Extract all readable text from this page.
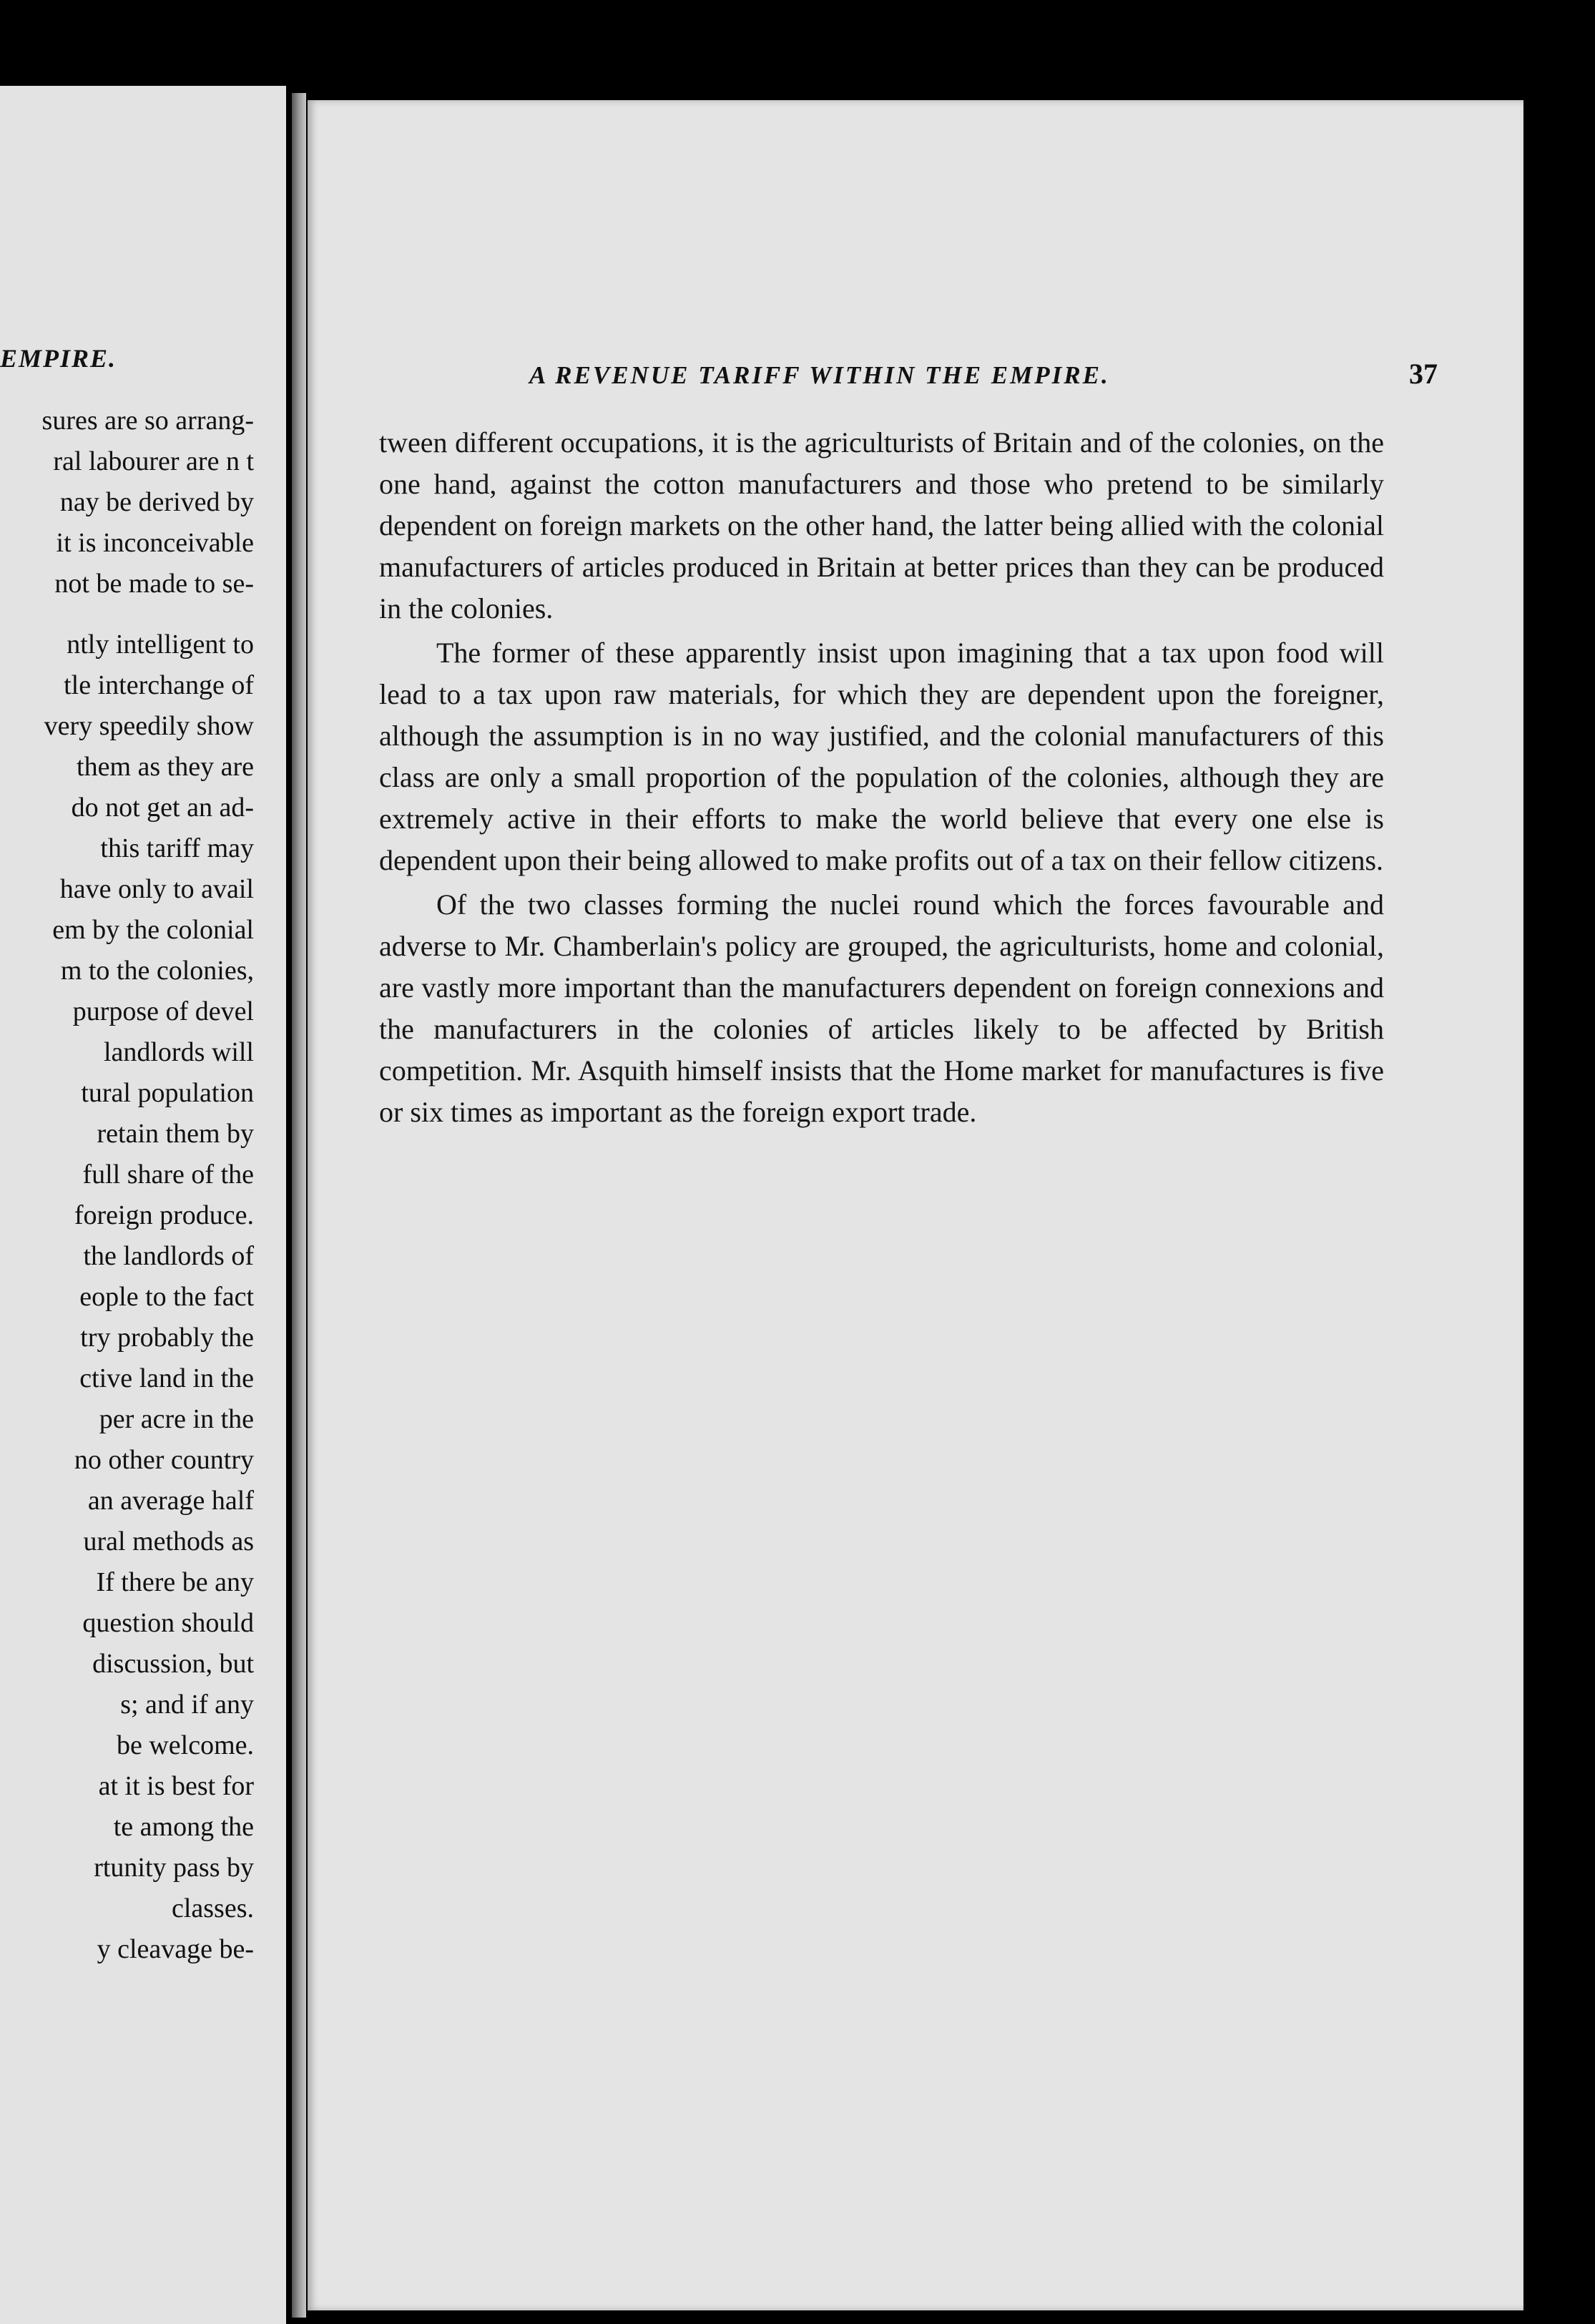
EMPIRE.
sures are so arrang-
ral labourer are n t
nay be derived by
it is inconceivable
not be made to se-
ntly intelligent to
tle interchange of
very speedily show
them as they are
do not get an ad-
this tariff may
have only to avail
em by the colonial
m to the colonies,
purpose of devel
landlords will
tural population
retain them by
full share of the
foreign produce.
the landlords of
eople to the fact
try probably the
ctive land in the
per acre in the
no other country
an average half
ural methods as
If there be any
question should
discussion, but
s; and if any
be welcome.
at it is best for
te among the
rtunity pass by
classes.
y cleavage be-
A REVENUE TARIFF WITHIN THE EMPIRE.	37

tween different occupations, it is the agriculturists of Britain and of the colonies, on the one hand, against the cotton manufacturers and those who pretend to be similarly dependent on foreign markets on the other hand, the latter being allied with the colonial manufacturers of articles produced in Britain at better prices than they can be produced in the colonies.

The former of these apparently insist upon imagining that a tax upon food will lead to a tax upon raw materials, for which they are dependent upon the foreigner, although the assumption is in no way justified, and the colonial manufacturers of this class are only a small proportion of the population of the colonies, although they are extremely active in their efforts to make the world believe that every one else is dependent upon their being allowed to make profits out of a tax on their fellow citizens.

Of the two classes forming the nuclei round which the forces favourable and adverse to Mr. Chamberlain's policy are grouped, the agriculturists, home and colonial, are vastly more important than the manufacturers dependent on foreign connexions and the manufacturers in the colonies of articles likely to be affected by British competition. Mr. Asquith himself insists that the Home market for manufactures is five or six times as important as the foreign export trade.
